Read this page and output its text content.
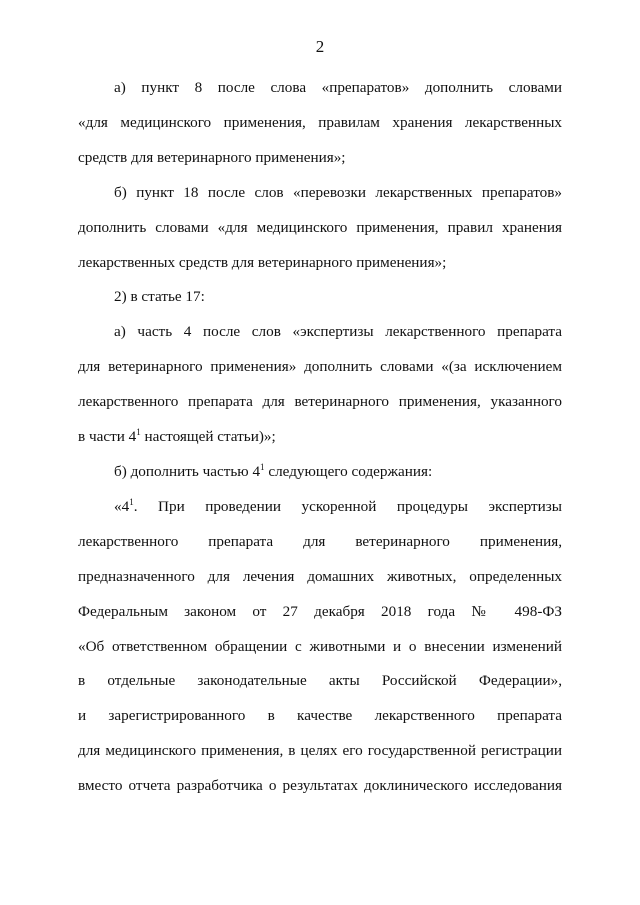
2
а) пункт 8 после слова «препаратов» дополнить словами
«для медицинского применения, правилам хранения лекарственных
средств для ветеринарного применения»;
б) пункт 18 после слов «перевозки лекарственных препаратов»
дополнить словами «для медицинского применения, правил хранения
лекарственных средств для ветеринарного применения»;
2) в статье 17:
а) часть 4 после слов «экспертизы лекарственного препарата
для ветеринарного применения» дополнить словами «(за исключением
лекарственного препарата для ветеринарного применения, указанного
в части $4^1$ настоящей статьи)»;
б) дополнить частью $4^1$ следующего содержания:
«$4^1$. При проведении ускоренной процедуры экспертизы
лекарственного препарата для ветеринарного применения,
предназначенного для лечения домашних животных, определенных
Федеральным законом от 27 декабря 2018 года № 498-ФЗ
«Об ответственном обращении с животными и о внесении изменений
в отдельные законодательные акты Российской Федерации»,
и зарегистрированного в качестве лекарственного препарата
для медицинского применения, в целях его государственной регистрации
вместо отчета разработчика о результатах доклинического исследования
